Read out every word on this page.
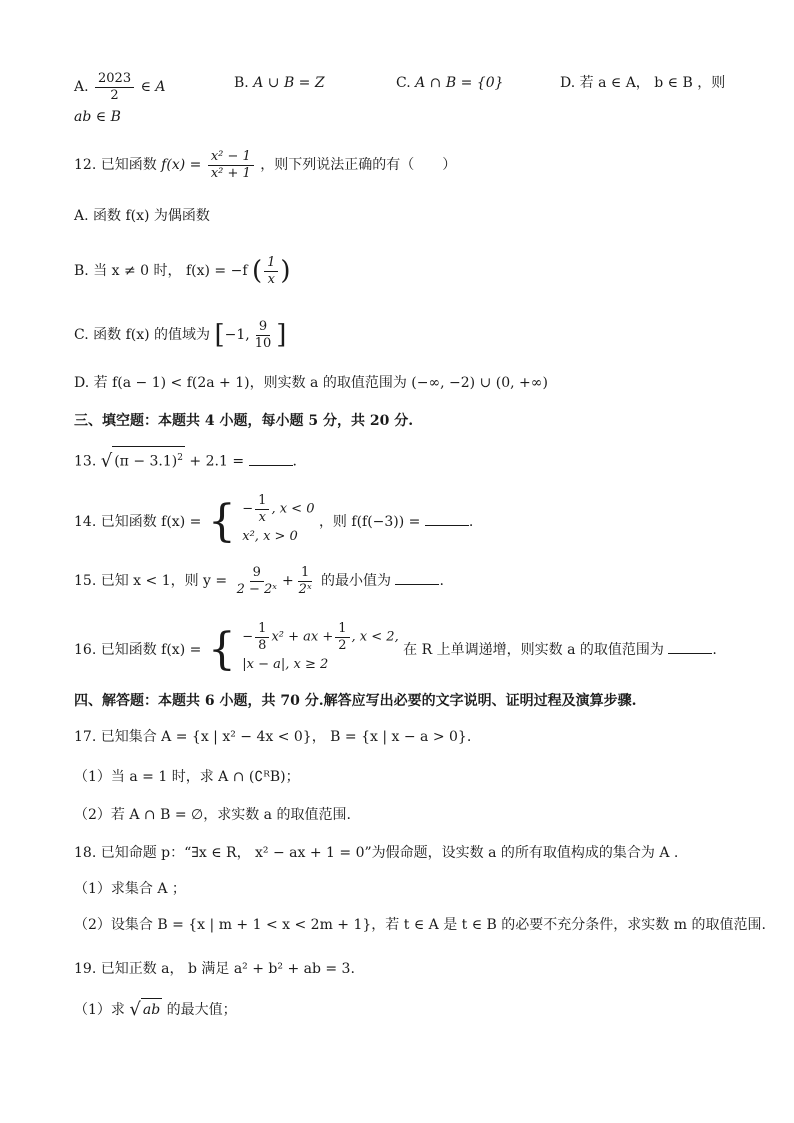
A. $\frac{2023}{2}$ ∈ A	B. A ∪ B = Z	C. A ∩ B = {0}	D. 若 a ∈ A， b ∈ B ，则
ab ∈ B
12. 已知函数 $f(x) = \frac{\text{x² − 1}}{\text{x² + 1}}$ ，则下列说法正确的有（　　）
A. 函数 f(x) 为偶函数
B. 当 x ≠ 0 时， f(x) = −f ( $\frac{1}{x}$ )
C. 函数 f(x) 的值域为 [−1, $\frac{9}{10}$ ]
D. 若 f(a − 1) < f(2a + 1)，则实数 a 的取值范围为 (−∞, −2) ∪ (0, +∞)
三、填空题：本题共 4 小题，每小题 5 分，共 20 分.
13. √ $(\pi - 3.1)^2 + 2.1$ =	.
14. 已知函数 f(x) = { − $\frac{1}{x}$ , x < 0
x², x > 0
，则 f(f(−3)) =	.
15. 已知 x < 1，则 $y = \frac{9}{\text{2 − 2ˣ}} + \frac{1}{\text{2ˣ}}$ 的最小值为	.
16. 已知函数 f(x) = { − $\frac{1}{8} x^2$ + ax + $\frac{1}{2}$ , x < 2,
|x − a|, x ≥ 2
在 R 上单调递增，则实数 a 的取值范围为	.
四、解答题：本题共 6 小题，共 70 分.解答应写出必要的文字说明、证明过程及演算步骤.
17. 已知集合 A = {x | x² − 4x < 0}， B = {x | x − a > 0}.
（1）当 a = 1 时，求 A ∩ (∁ᴿB)；
（2）若 A ∩ B = ∅，求实数 a 的取值范围.
18. 已知命题 p：“∃x ∈ R， x² − ax + 1 = 0”为假命题，设实数 a 的所有取值构成的集合为 A .
（1）求集合 A ；
（2）设集合 B = {x | m + 1 < x < 2m + 1}，若 t ∈ A 是 t ∈ B 的必要不充分条件，求实数 m 的取值范围.
19. 已知正数 a， b 满足 a² + b² + ab = 3.
（1）求 √ ab 的最大值；
